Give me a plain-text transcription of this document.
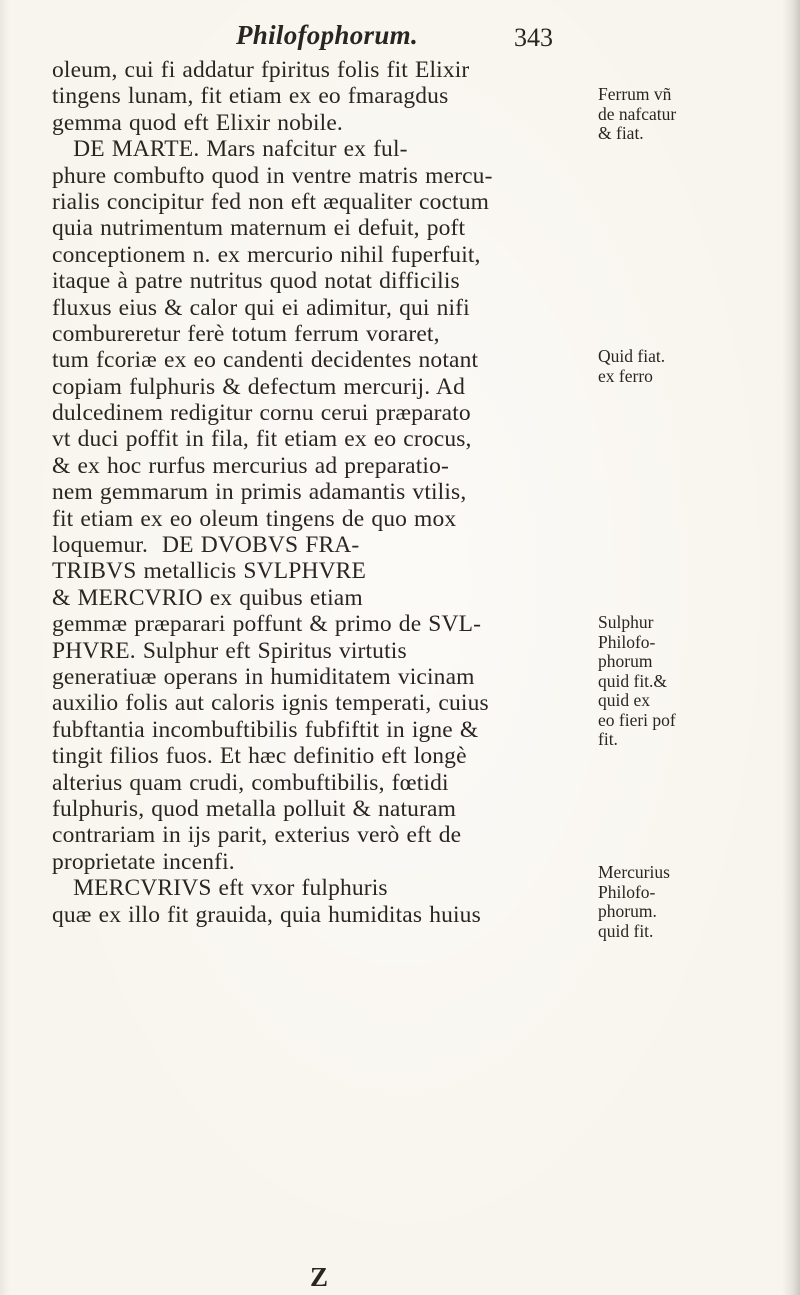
Philofophorum.	343
oleum, cui fi addatur fpiritus folis fit Elixir
tingens lunam, fit etiam ex eo fmaragdus
gemma quod eft Elixir nobile.
DE MARTE. Mars nafcitur ex ful-
phure combufto quod in ventre matris mercu-
rialis concipitur fed non eft æqualiter coctum
quia nutrimentum maternum ei defuit, poft
conceptionem n. ex mercurio nihil fuperfuit,
itaque à patre nutritus quod notat difficilis
fluxus eius & calor qui ei adimitur, qui nifi
combureretur ferè totum ferrum voraret,
tum fcoriæ ex eo candenti decidentes notant
copiam fulphuris & defectum mercurij. Ad
dulcedinem redigitur cornu cerui præparato
vt duci poffit in fila, fit etiam ex eo crocus,
& ex hoc rurfus mercurius ad preparatio-
nem gemmarum in primis adamantis vtilis,
fit etiam ex eo oleum tingens de quo mox
loquemur.  DE DVOBVS FRA-
TRIBVS metallicis SVLPHVRE
& MERCVRIO ex quibus etiam
gemmæ præparari poffunt & primo de SVL-
PHVRE. Sulphur eft Spiritus virtutis
generatiuæ operans in humiditatem vicinam
auxilio folis aut caloris ignis temperati, cuius
fubftantia incombuftibilis fubfiftit in igne &
tingit filios fuos. Et hæc definitio eft longè
alterius quam crudi, combuftibilis, fœtidi
fulphuris, quod metalla polluit & naturam
contrariam in ijs parit, exterius verò eft de
proprietate incenfi.
MERCVRIVS eft vxor fulphuris
quæ ex illo fit grauida, quia humiditas huius
Ferrum vñ
de nafcatur
& fiat.
Quid fiat.
ex ferro
Sulphur
Philofo-
phorum
quid fit.&
quid ex
eo fieri pof
fit.
Mercurius
Philofo-
phorum.
quid fit.
Z
